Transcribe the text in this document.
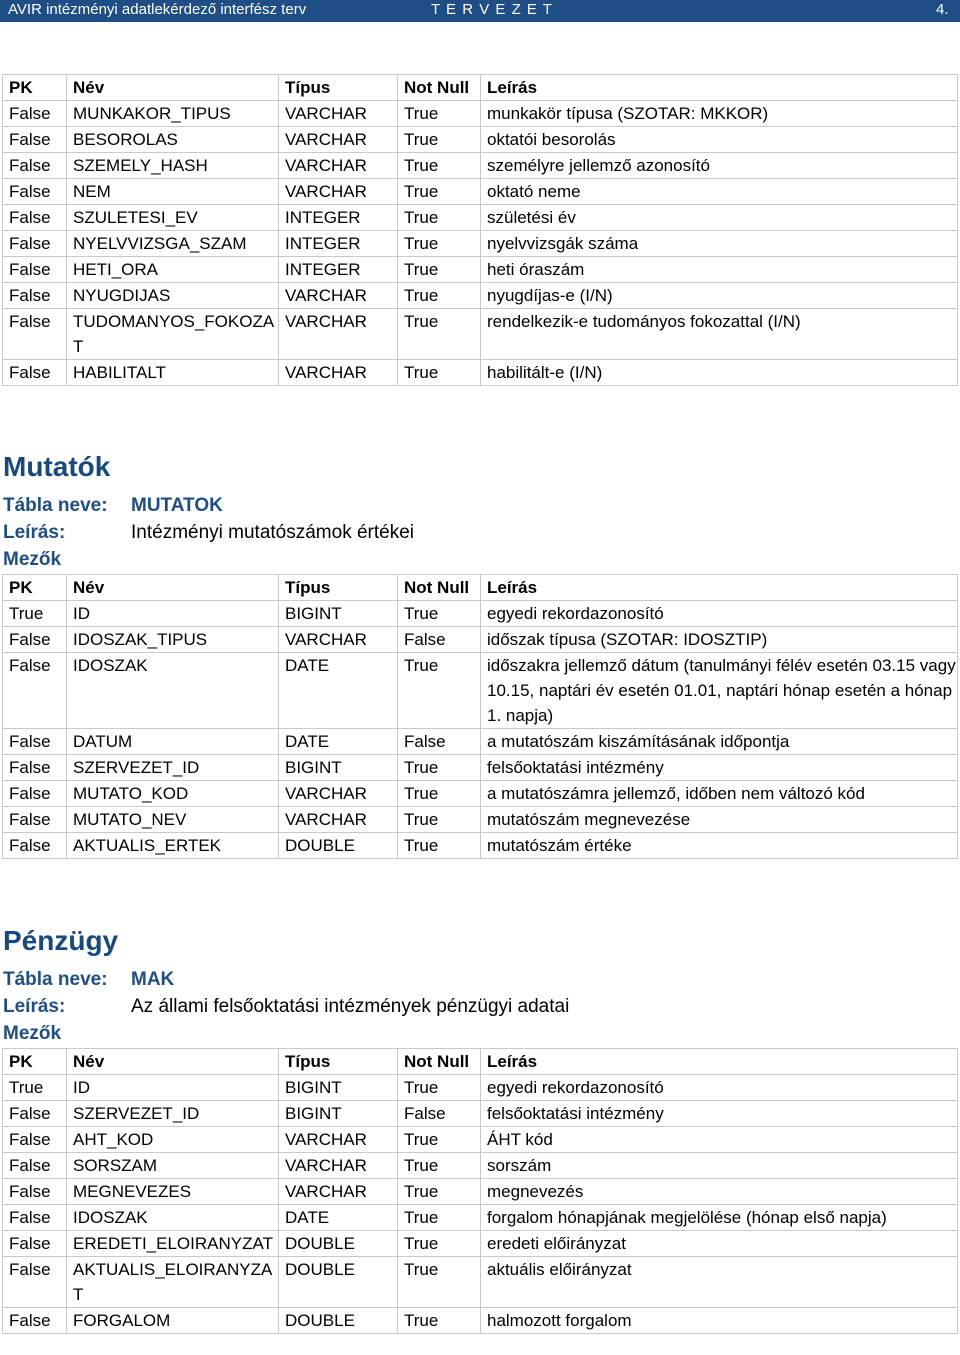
AVIR intézményi adatlekérdező interfész terv	T E R V E Z E T	4.
PK	Név	Típus	Not Null	Leírás
False	MUNKAKOR_TIPUS	VARCHAR	True	munkakör típusa (SZOTAR: MKKOR)
False	BESOROLAS	VARCHAR	True	oktatói besorolás
False	SZEMELY_HASH	VARCHAR	True	személyre jellemző azonosító
False	NEM	VARCHAR	True	oktató neme
False	SZULETESI_EV	INTEGER	True	születési év
False	NYELVVIZSGA_SZAM	INTEGER	True	nyelvvizsgák száma
False	HETI_ORA	INTEGER	True	heti óraszám
False	NYUGDIJAS	VARCHAR	True	nyugdíjas-e (I/N)
False	TUDOMANYOS_FOKOZAT	VARCHAR	True	rendelkezik-e tudományos fokozattal (I/N)
False	HABILITALT	VARCHAR	True	habilitált-e (I/N)
Mutatók
Tábla neve: MUTATOK
Leírás:	Intézményi mutatószámok értékei
Mezők
PK	Név	Típus	Not Null	Leírás
True	ID	BIGINT	True	egyedi rekordazonosító
False	IDOSZAK_TIPUS	VARCHAR	False	időszak típusa (SZOTAR: IDOSZTIP)
False	IDOSZAK	DATE	True	időszakra jellemző dátum (tanulmányi félév esetén 03.15 vagy 10.15, naptári év esetén 01.01, naptári hónap esetén a hónap 1. napja)
False	DATUM	DATE	False	a mutatószám kiszámításának időpontja
False	SZERVEZET_ID	BIGINT	True	felsőoktatási intézmény
False	MUTATO_KOD	VARCHAR	True	a mutatószámra jellemző, időben nem változó kód
False	MUTATO_NEV	VARCHAR	True	mutatószám megnevezése
False	AKTUALIS_ERTEK	DOUBLE	True	mutatószám értéke
Pénzügy
Tábla neve: MAK
Leírás:	Az állami felsőoktatási intézmények pénzügyi adatai
Mezők
PK	Név	Típus	Not Null	Leírás
True	ID	BIGINT	True	egyedi rekordazonosító
False	SZERVEZET_ID	BIGINT	False	felsőoktatási intézmény
False	AHT_KOD	VARCHAR	True	ÁHT kód
False	SORSZAM	VARCHAR	True	sorszám
False	MEGNEVEZES	VARCHAR	True	megnevezés
False	IDOSZAK	DATE	True	forgalom hónapjának megjelölése (hónap első napja)
False	EREDETI_ELOIRANYZAT	DOUBLE	True	eredeti előirányzat
False	AKTUALIS_ELOIRANYZAT	DOUBLE	True	aktuális előirányzat
False	FORGALOM	DOUBLE	True	halmozott forgalom
